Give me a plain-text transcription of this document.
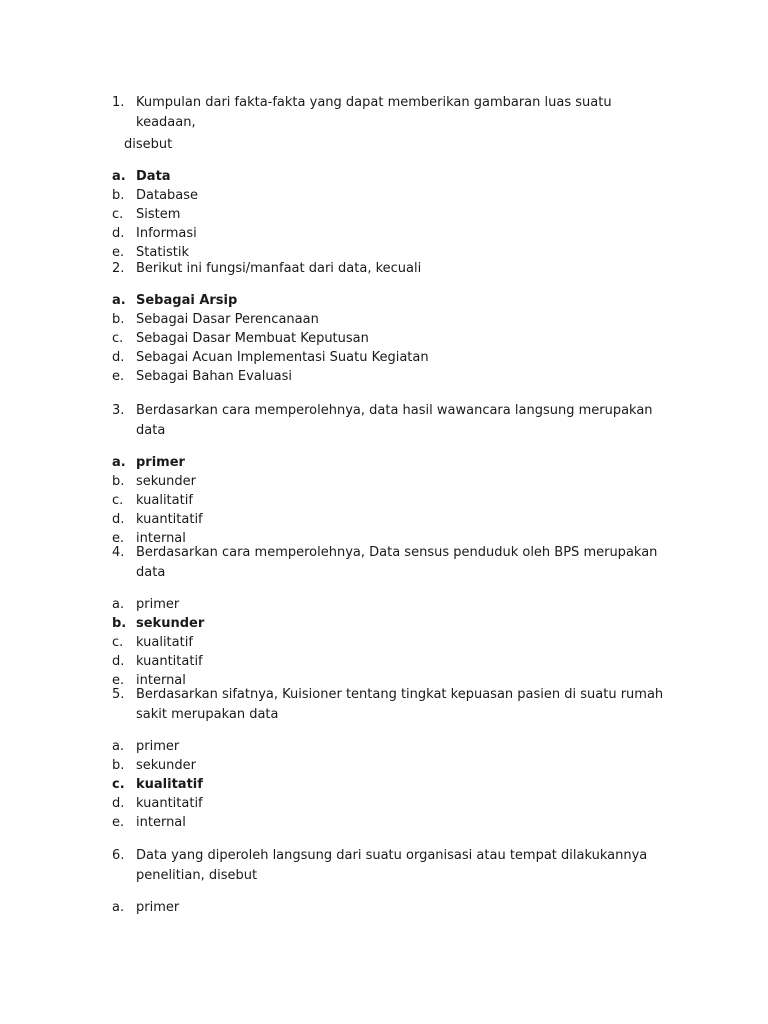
1. Kumpulan dari fakta-fakta yang dapat memberikan gambaran luas suatu keadaan,
disebut
a. Data
b. Database
c. Sistem
d. Informasi
e. Statistik
2. Berikut ini fungsi/manfaat dari data, kecuali
a. Sebagai Arsip
b. Sebagai Dasar Perencanaan
c. Sebagai Dasar Membuat Keputusan
d. Sebagai Acuan Implementasi Suatu Kegiatan
e. Sebagai Bahan Evaluasi
3. Berdasarkan cara memperolehnya, data hasil wawancara langsung merupakan data
a. primer
b. sekunder
c. kualitatif
d. kuantitatif
e. internal
4. Berdasarkan cara memperolehnya, Data sensus penduduk oleh BPS merupakan data
a. primer
b. sekunder
c. kualitatif
d. kuantitatif
e. internal
5. Berdasarkan sifatnya, Kuisioner tentang tingkat kepuasan pasien di suatu rumah sakit merupakan data
a. primer
b. sekunder
c. kualitatif
d. kuantitatif
e. internal
6. Data yang diperoleh langsung dari suatu organisasi atau tempat dilakukannya penelitian, disebut
a. primer
